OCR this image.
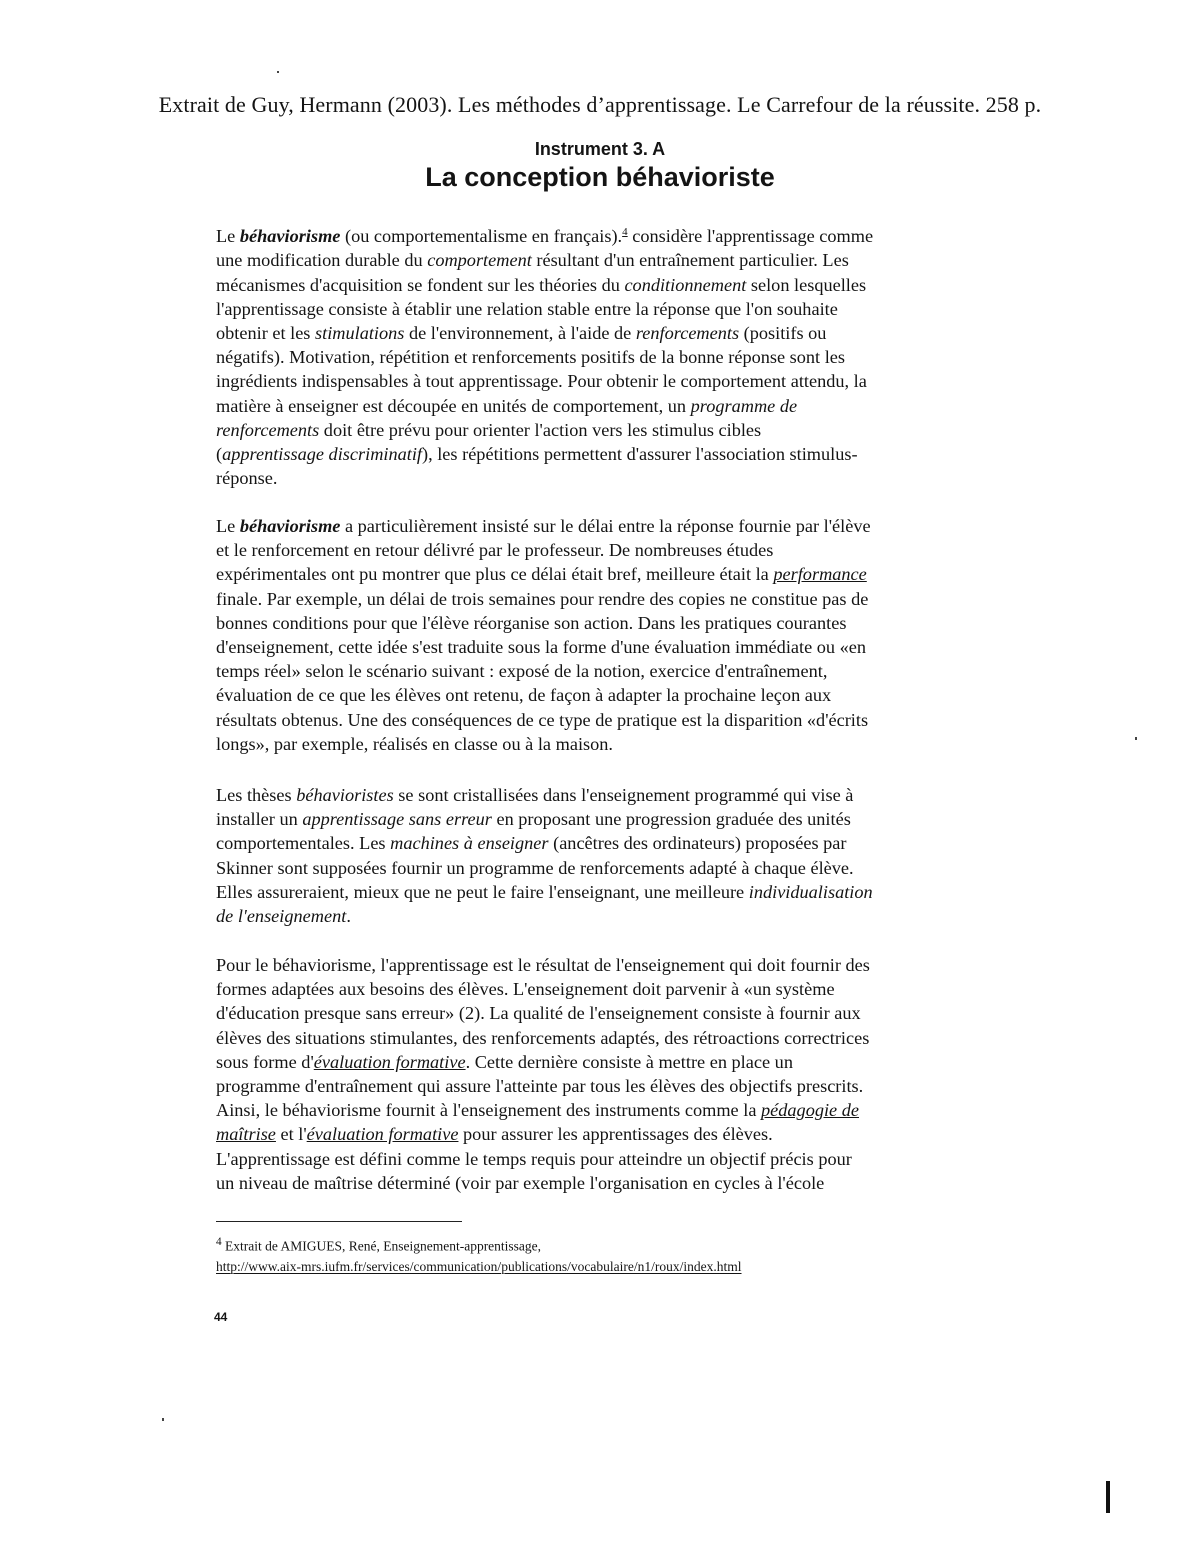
Extrait de Guy, Hermann (2003). Les méthodes d’apprentissage. Le Carrefour de la réussite. 258 p.
Instrument 3. A
La conception béhavioriste

Le béhaviorisme (ou comportementalisme en français).$^4$ considère l'apprentissage comme
une modification durable du comportement résultant d'un entraînement particulier. Les
mécanismes d'acquisition se fondent sur les théories du conditionnement selon lesquelles
l'apprentissage consiste à établir une relation stable entre la réponse que l'on souhaite
obtenir et les stimulations de l'environnement, à l'aide de renforcements (positifs ou
négatifs). Motivation, répétition et renforcements positifs de la bonne réponse sont les
ingrédients indispensables à tout apprentissage. Pour obtenir le comportement attendu, la
matière à enseigner est découpée en unités de comportement, un programme de
renforcements doit être prévu pour orienter l'action vers les stimulus cibles
(apprentissage discriminatif), les répétitions permettent d'assurer l'association stimulus-
réponse.

Le béhaviorisme a particulièrement insisté sur le délai entre la réponse fournie par l'élève
et le renforcement en retour délivré par le professeur. De nombreuses études
expérimentales ont pu montrer que plus ce délai était bref, meilleure était la performance
finale. Par exemple, un délai de trois semaines pour rendre des copies ne constitue pas de
bonnes conditions pour que l'élève réorganise son action. Dans les pratiques courantes
d'enseignement, cette idée s'est traduite sous la forme d'une évaluation immédiate ou «en
temps réel» selon le scénario suivant : exposé de la notion, exercice d'entraînement,
évaluation de ce que les élèves ont retenu, de façon à adapter la prochaine leçon aux
résultats obtenus. Une des conséquences de ce type de pratique est la disparition «d'écrits
longs», par exemple, réalisés en classe ou à la maison.

Les thèses béhavioristes se sont cristallisées dans l'enseignement programmé qui vise à
installer un apprentissage sans erreur en proposant une progression graduée des unités
comportementales. Les machines à enseigner (ancêtres des ordinateurs) proposées par
Skinner sont supposées fournir un programme de renforcements adapté à chaque élève.
Elles assureraient, mieux que ne peut le faire l'enseignant, une meilleure individualisation
de l'enseignement.

Pour le béhaviorisme, l'apprentissage est le résultat de l'enseignement qui doit fournir des
formes adaptées aux besoins des élèves. L'enseignement doit parvenir à «un système
d'éducation presque sans erreur» (2). La qualité de l'enseignement consiste à fournir aux
élèves des situations stimulantes, des renforcements adaptés, des rétroactions correctrices
sous forme d'évaluation formative. Cette dernière consiste à mettre en place un
programme d'entraînement qui assure l'atteinte par tous les élèves des objectifs prescrits.
Ainsi, le béhaviorisme fournit à l'enseignement des instruments comme la pédagogie de
maîtrise et l'évaluation formative pour assurer les apprentissages des élèves.
L'apprentissage est défini comme le temps requis pour atteindre un objectif précis pour
un niveau de maîtrise déterminé (voir par exemple l'organisation en cycles à l'école

$^4$ Extrait de AMIGUES, René, Enseignement-apprentissage,
http://www.aix-mrs.iufm.fr/services/communication/publications/vocabulaire/n1/roux/index.html
44
